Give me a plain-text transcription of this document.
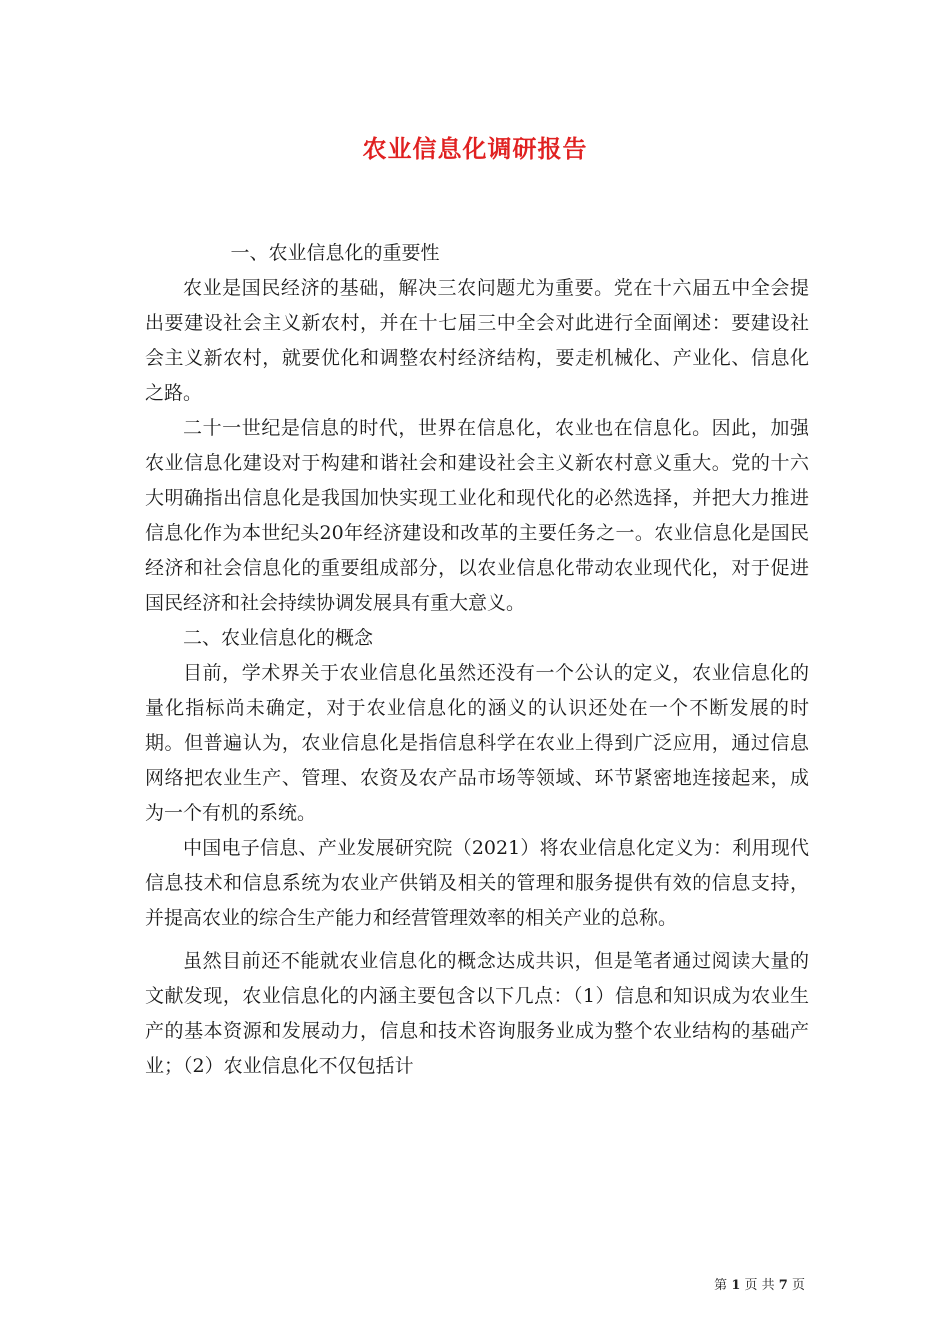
农业信息化调研报告

一、农业信息化的重要性

农业是国民经济的基础，解决三农问题尤为重要。党在十六届五中全会提出要建设社会主义新农村，并在十七届三中全会对此进行全面阐述：要建设社会主义新农村，就要优化和调整农村经济结构，要走机械化、产业化、信息化之路。

二十一世纪是信息的时代，世界在信息化，农业也在信息化。因此，加强农业信息化建设对于构建和谐社会和建设社会主义新农村意义重大。党的十六大明确指出信息化是我国加快实现工业化和现代化的必然选择，并把大力推进信息化作为本世纪头20年经济建设和改革的主要任务之一。农业信息化是国民经济和社会信息化的重要组成部分，以农业信息化带动农业现代化，对于促进国民经济和社会持续协调发展具有重大意义。

二、农业信息化的概念

目前，学术界关于农业信息化虽然还没有一个公认的定义，农业信息化的量化指标尚未确定，对于农业信息化的涵义的认识还处在一个不断发展的时期。但普遍认为，农业信息化是指信息科学在农业上得到广泛应用，通过信息网络把农业生产、管理、农资及农产品市场等领域、环节紧密地连接起来，成为一个有机的系统。

中国电子信息、产业发展研究院（2021）将农业信息化定义为：利用现代信息技术和信息系统为农业产供销及相关的管理和服务提供有效的信息支持，并提高农业的综合生产能力和经营管理效率的相关产业的总称。

虽然目前还不能就农业信息化的概念达成共识，但是笔者通过阅读大量的文献发现，农业信息化的内涵主要包含以下几点：（1）信息和知识成为农业生产的基本资源和发展动力，信息和技术咨询服务业成为整个农业结构的基础产业；（2）农业信息化不仅包括计

第 1 页 共 7 页
